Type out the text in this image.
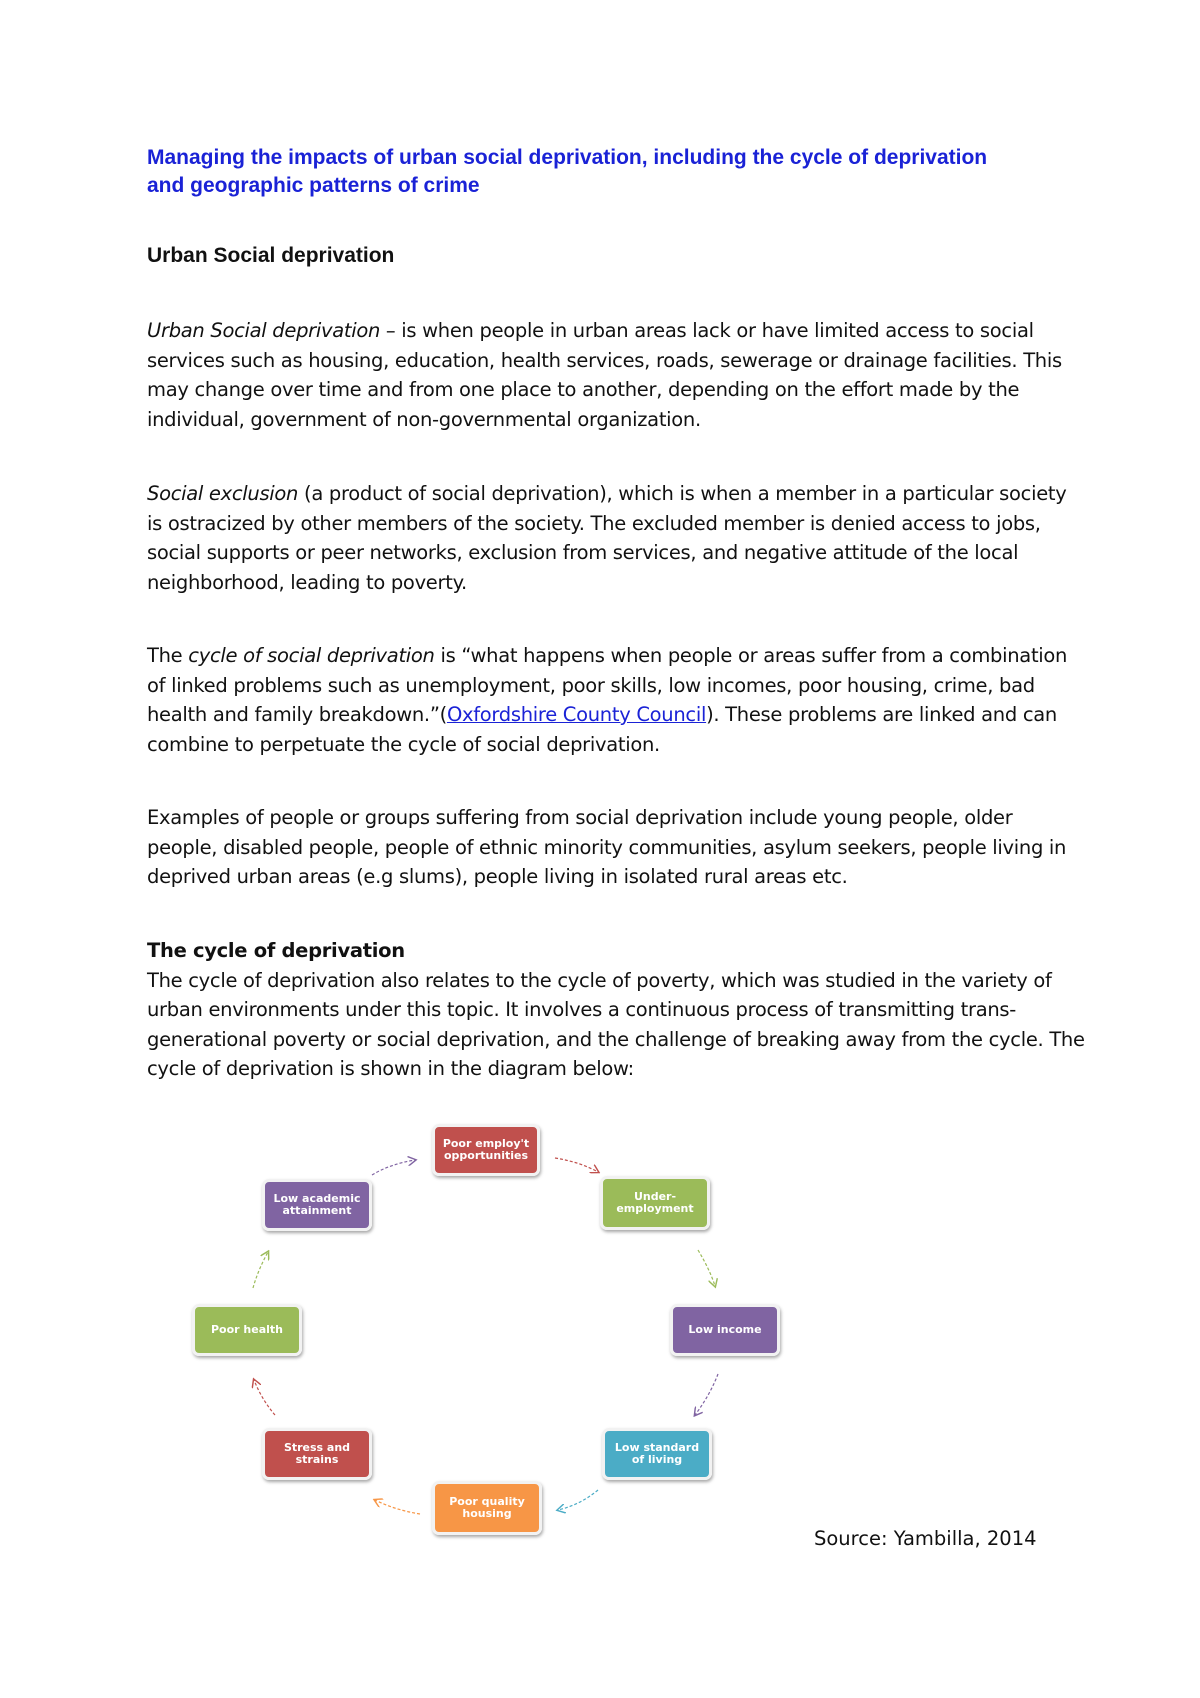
Managing the impacts of urban social deprivation, including the cycle of deprivation and geographic patterns of crime
Urban Social deprivation

Urban Social deprivation – is when people in urban areas lack or have limited access to social services such as housing, education, health services, roads, sewerage or drainage facilities. This may change over time and from one place to another, depending on the effort made by the individual, government of non-governmental organization.

Social exclusion (a product of social deprivation), which is when a member in a particular society is ostracized by other members of the society. The excluded member is denied access to jobs, social supports or peer networks, exclusion from services, and negative attitude of the local neighborhood, leading to poverty.

The cycle of social deprivation is “what happens when people or areas suffer from a combination of linked problems such as unemployment, poor skills, low incomes, poor housing, crime, bad health and family breakdown.”(Oxfordshire County Council). These problems are linked and can combine to perpetuate the cycle of social deprivation.

Examples of people or groups suffering from social deprivation include young people, older people, disabled people, people of ethnic minority communities, asylum seekers, people living in deprived urban areas (e.g slums), people living in isolated rural areas etc.

The cycle of deprivation
The cycle of deprivation also relates to the cycle of poverty, which was studied in the variety of urban environments under this topic. It involves a continuous process of transmitting trans-generational poverty or social deprivation, and the challenge of breaking away from the cycle. The cycle of deprivation is shown in the diagram below:

Poor employ't opportunities
Under-employment
Low income
Low standard of living
Poor quality housing
Stress and strains
Poor health
Low academic attainment
Source: Yambilla, 2014
